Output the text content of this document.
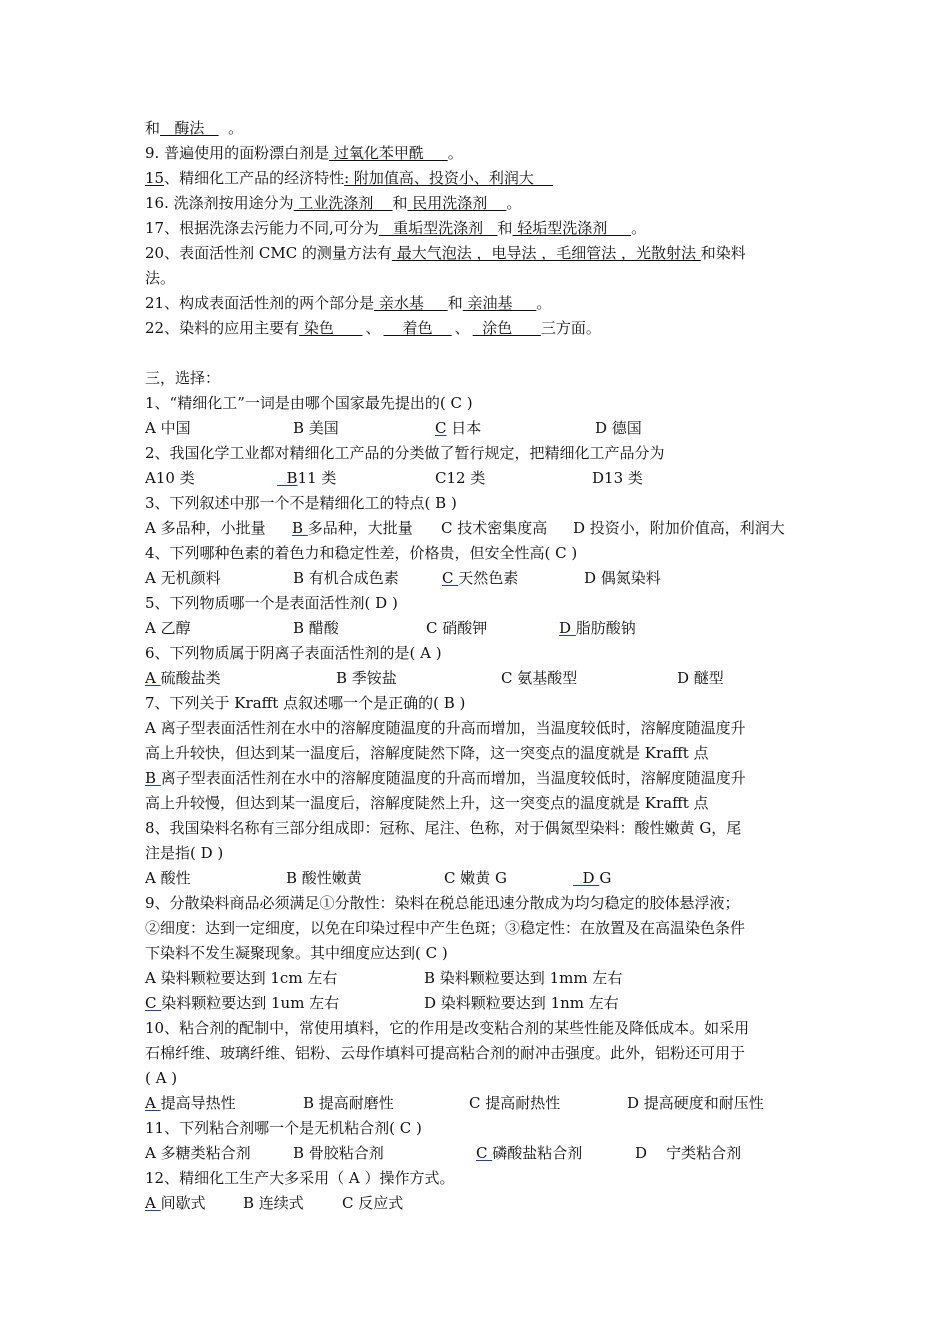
和   酶法     。
9. 普遍使用的面粉漂白剂是 过氧化苯甲酰     。
15、精细化工产品的经济特性: 附加值高、投资小、利润大
16. 洗涤剂按用途分为 工业洗涤剂    和 民用洗涤剂    。
17、根据洗涤去污能力不同,可分为   重垢型洗涤剂   和 轻垢型洗涤剂     。
20、表面活性剂 CMC 的测量方法有 最大气泡法 ，电导法 ，毛细管法 ，光散射法 和染料
法。
21、构成表面活性剂的两个部分是 亲水基     和 亲油基     。
22、染料的应用主要有 染色      、    着色    、  涂色      三方面。
三，选择：
1、“精细化工”一词是由哪个国家最先提出的( C )
A 中国	B 美国	C 日本	D 德国
2、我国化学工业都对精细化工产品的分类做了暂行规定，把精细化工产品分为
A10 类	B11 类	C12 类	D13 类
3、下列叙述中那一个不是精细化工的特点( B )
A 多品种，小批量 B 多品种，大批量 C 技术密集度高 D 投资小，附加价值高，利润大
4、下列哪种色素的着色力和稳定性差，价格贵，但安全性高( C )
A 无机颜料	B 有机合成色素	C 天然色素	D 偶氮染料
5、下列物质哪一个是表面活性剂( D )
A 乙醇	B 醋酸	C 硝酸钾	D 脂肪酸钠
6、下列物质属于阴离子表面活性剂的是( A )
A 硫酸盐类	B 季铵盐	C 氨基酸型	D 醚型
7、下列关于 Krafft 点叙述哪一个是正确的( B )
A 离子型表面活性剂在水中的溶解度随温度的升高而增加，当温度较低时，溶解度随温度升
高上升较快，但达到某一温度后，溶解度陡然下降，这一突变点的温度就是 Krafft 点
B 离子型表面活性剂在水中的溶解度随温度的升高而增加，当温度较低时，溶解度随温度升
高上升较慢，但达到某一温度后，溶解度陡然上升，这一突变点的温度就是 Krafft 点
8、我国染料名称有三部分组成即：冠称、尾注、色称，对于偶氮型染料：酸性嫩黄 G，尾
注是指( D )
A 酸性	B 酸性嫩黄	C 嫩黄 G	D G
9、分散染料商品必须满足①分散性：染料在税总能迅速分散成为均匀稳定的胶体悬浮液；
②细度：达到一定细度，以免在印染过程中产生色斑；③稳定性：在放置及在高温染色条件
下染料不发生凝聚现象。其中细度应达到( C )
A 染料颗粒要达到 1cm 左右	B 染料颗粒要达到 1mm 左右
C 染料颗粒要达到 1um 左右	D 染料颗粒要达到 1nm 左右
10、粘合剂的配制中，常使用填料，它的作用是改变粘合剂的某些性能及降低成本。如采用
石棉纤维、玻璃纤维、铝粉、云母作填料可提高粘合剂的耐冲击强度。此外，铝粉还可用于
( A )
A 提高导热性	B 提高耐磨性	C 提高耐热性	D 提高硬度和耐压性
11、下列粘合剂哪一个是无机粘合剂( C )
A 多糖类粘合剂	B 骨胶粘合剂	C 磷酸盐粘合剂	D    宁类粘合剂
12、精细化工生产大多采用（ A ）操作方式。
A 间歇式 B 连续式	C 反应式
